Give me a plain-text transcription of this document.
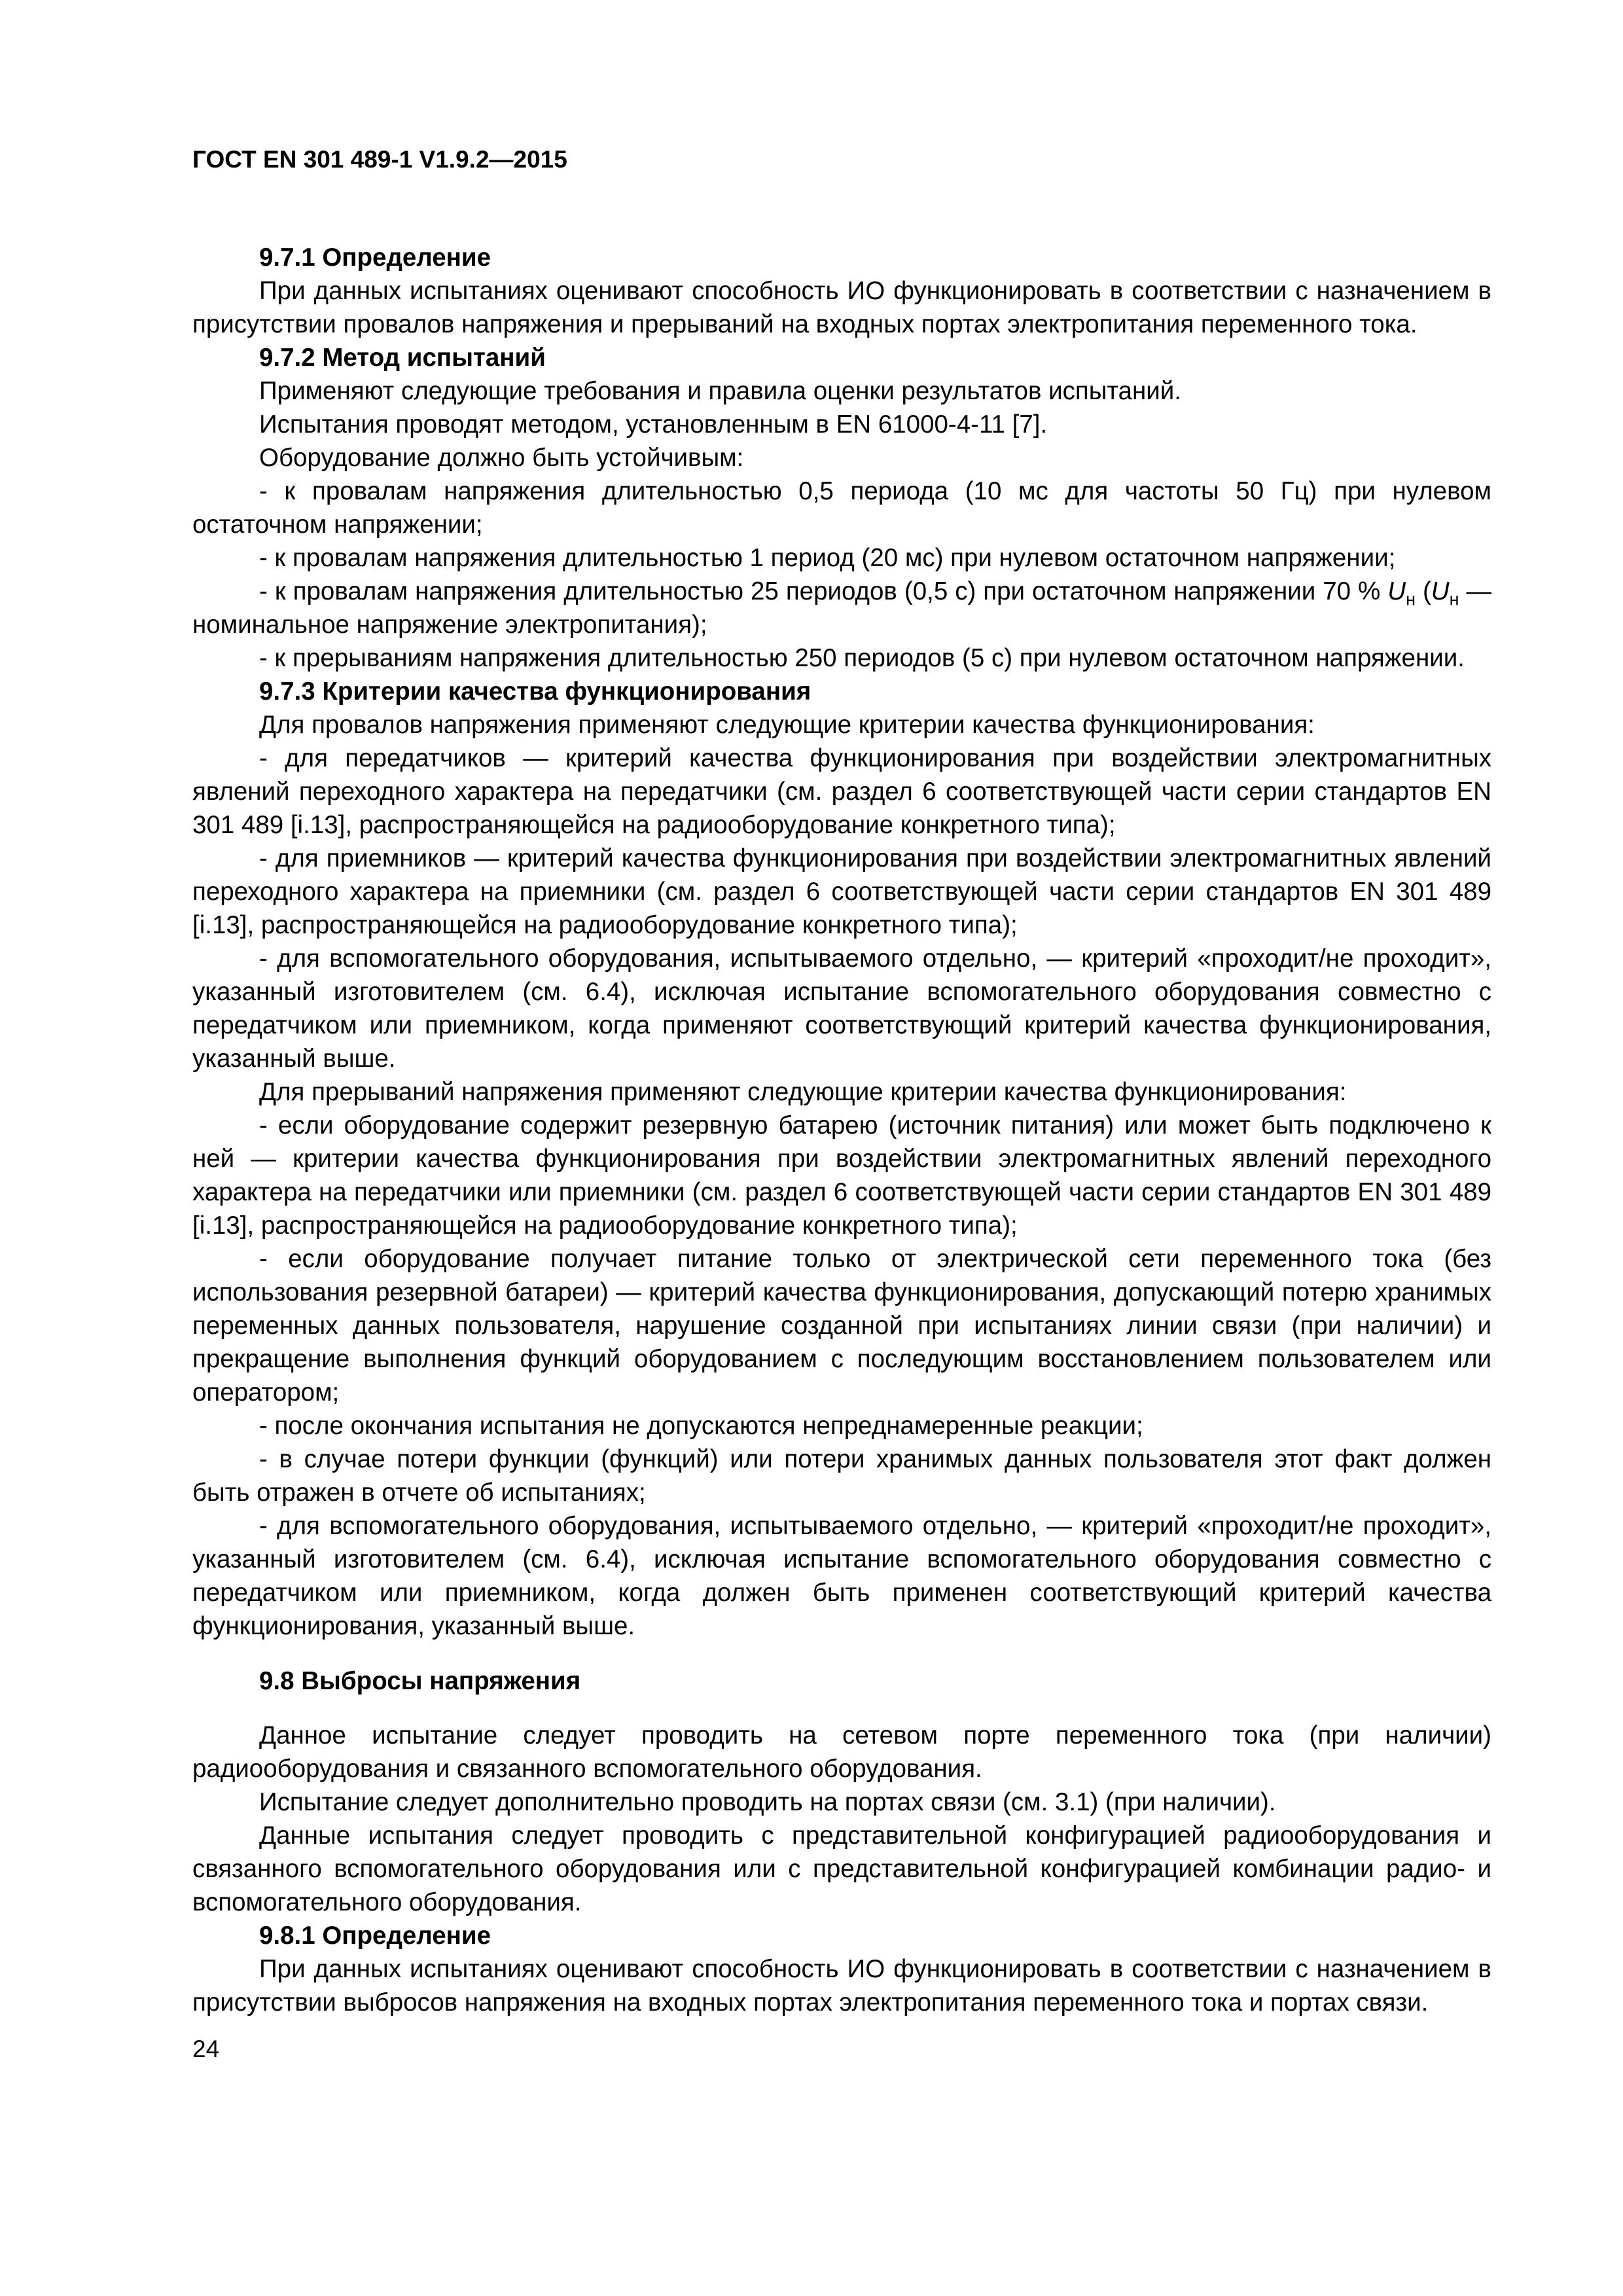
ГОСТ EN 301 489-1 V1.9.2—2015
9.7.1 Определение

При данных испытаниях оценивают способность ИО функционировать в соответствии с назначением в присутствии провалов напряжения и прерываний на входных портах электропитания переменного тока.

9.7.2 Метод испытаний

Применяют следующие требования и правила оценки результатов испытаний.

Испытания проводят методом, установленным в EN 61000-4-11 [7].

Оборудование должно быть устойчивым:

- к провалам напряжения длительностью 0,5 периода (10 мс для частоты 50 Гц) при нулевом остаточном напряжении;

- к провалам напряжения длительностью 1 период (20 мс) при нулевом остаточном напряжении;

- к провалам напряжения длительностью 25 периодов (0,5 с) при остаточном напряжении 70 % $U_н$ ($U_н$ — номинальное напряжение электропитания);

- к прерываниям напряжения длительностью 250 периодов (5 с) при нулевом остаточном напряжении.

9.7.3 Критерии качества функционирования

Для провалов напряжения применяют следующие критерии качества функционирования:

- для передатчиков — критерий качества функционирования при воздействии электромагнитных явлений переходного характера на передатчики (см. раздел 6 соответствующей части серии стандартов EN 301 489 [i.13], распространяющейся на радиооборудование конкретного типа);

- для приемников — критерий качества функционирования при воздействии электромагнитных явлений переходного характера на приемники (см. раздел 6 соответствующей части серии стандартов EN 301 489 [i.13], распространяющейся на радиооборудование конкретного типа);

- для вспомогательного оборудования, испытываемого отдельно, — критерий «проходит/не проходит», указанный изготовителем (см. 6.4), исключая испытание вспомогательного оборудования совместно с передатчиком или приемником, когда применяют соответствующий критерий качества функционирования, указанный выше.

Для прерываний напряжения применяют следующие критерии качества функционирования:

- если оборудование содержит резервную батарею (источник питания) или может быть подключено к ней — критерии качества функционирования при воздействии электромагнитных явлений переходного характера на передатчики или приемники (см. раздел 6 соответствующей части серии стандартов EN 301 489 [i.13], распространяющейся на радиооборудование конкретного типа);

- если оборудование получает питание только от электрической сети переменного тока (без использования резервной батареи) — критерий качества функционирования, допускающий потерю хранимых переменных данных пользователя, нарушение созданной при испытаниях линии связи (при наличии) и прекращение выполнения функций оборудованием с последующим восстановлением пользователем или оператором;

- после окончания испытания не допускаются непреднамеренные реакции;

- в случае потери функции (функций) или потери хранимых данных пользователя этот факт должен быть отражен в отчете об испытаниях;

- для вспомогательного оборудования, испытываемого отдельно, — критерий «проходит/не проходит», указанный изготовителем (см. 6.4), исключая испытание вспомогательного оборудования совместно с передатчиком или приемником, когда должен быть применен соответствующий критерий качества функционирования, указанный выше.

9.8 Выбросы напряжения

Данное испытание следует проводить на сетевом порте переменного тока (при наличии) радиооборудования и связанного вспомогательного оборудования.

Испытание следует дополнительно проводить на портах связи (см. 3.1) (при наличии).

Данные испытания следует проводить с представительной конфигурацией радиооборудования и связанного вспомогательного оборудования или с представительной конфигурацией комбинации радио- и вспомогательного оборудования.

9.8.1 Определение

При данных испытаниях оценивают способность ИО функционировать в соответствии с назначением в присутствии выбросов напряжения на входных портах электропитания переменного тока и портах связи.

24
